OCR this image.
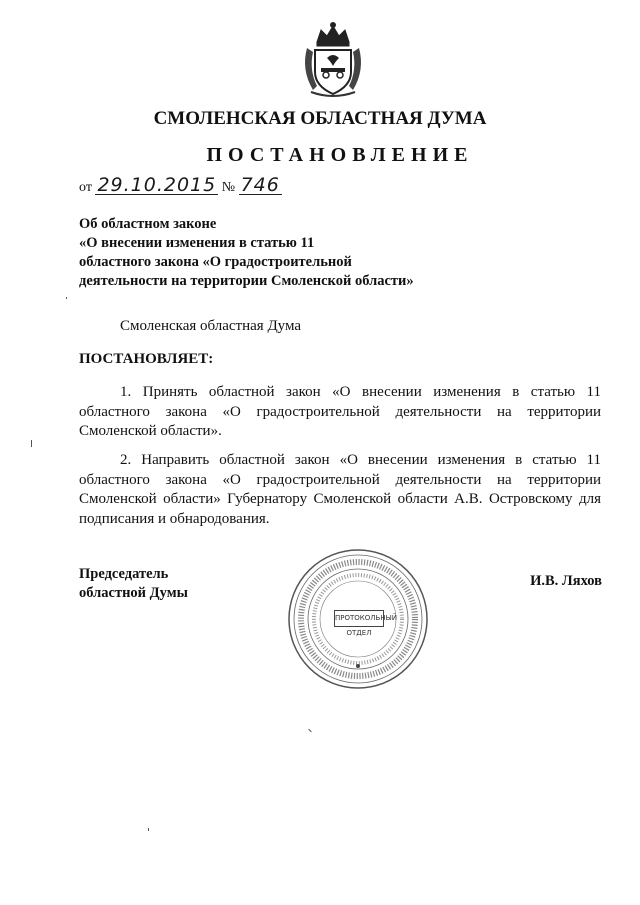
СМОЛЕНСКАЯ ОБЛАСТНАЯ ДУМА
ПОСТАНОВЛЕНИЕ
от 29.10.2015 № 746
Об областном законе
«О внесении изменения в статью 11
областного закона «О градостроительной
деятельности на территории Смоленской области»
Смоленская областная Дума
ПОСТАНОВЛЯЕТ:
1. Принять областной закон «О внесении изменения в статью 11 областного закона «О градостроительной деятельности на территории Смоленской области».
2. Направить областной закон «О внесении изменения в статью 11 областного закона «О градостроительной деятельности на территории Смоленской области» Губернатору Смоленской области А.В. Островскому для подписания и обнародования.
Председатель
областной Думы
И.В. Ляхов
ПРОТОКОЛЬНЫЙ
ОТДЕЛ
